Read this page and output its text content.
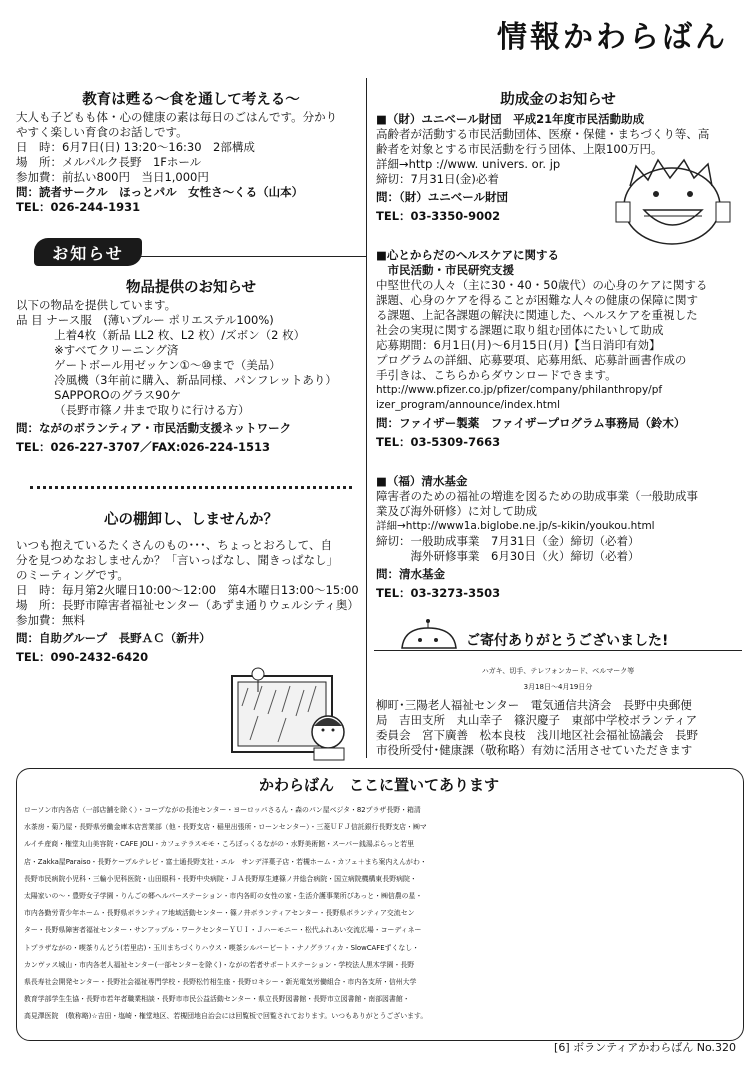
情報かわらばん
教育は甦る～食を通して考える～
大人も子どもも体・心の健康の素は毎日のごはんです。分かり
やすく楽しい育食のお話しです。
日　時：6月7日(日) 13:20～16:30　2部構成
場　所：メルパルク長野　1Fホール
参加費：前払い800円　当日1,000円
問：読者サークル　ほっとパル　女性さ～くる（山本）
TEL：026-244-1931
お知らせ
物品提供のお知らせ
以下の物品を提供しています。
品 目 ナース服　(薄いブルー ポリエステル100%)
　　　 上着4枚（新品 LL2 枚、L2 枚）/ズボン（2 枚）
　　　 ※すべてクリーニング済
　　　 ゲートボール用ゼッケン①～⑩まで（美品）
　　　 冷風機（3年前に購入、新品同様、パンフレットあり）
　　　 SAPPOROのグラス90ケ
　　　 （長野市篠ノ井まで取りに行ける方）
問：ながのボランティア・市民活動支援ネットワーク
TEL：026-227-3707／FAX:026-224-1513
心の棚卸し、しませんか？
いつも抱えているたくさんのもの･･･、ちょっとおろして、自
分を見つめなおしませんか？「言いっぱなし、聞きっぱなし」
のミーティングです。
日　時：毎月第2火曜日10:00～12:00　第4木曜日13:00～15:00
場　所：長野市障害者福祉センター（あずま通りウェルシティ奥）
参加費：無料
問：自助グループ　長野ＡＣ（新井）
TEL：090-2432-6420
助成金のお知らせ
■（財）ユニベール財団　平成21年度市民活動助成
高齢者が活動する市民活動団体、医療・保健・まちづくり等、高
齢者を対象とする市民活動を行う団体、上限100万円。
詳細→http ://www. univers. or. jp
締切：7月31日(金)必着
問：（財）ユニベール財団
TEL：03-3350-9002
■心とからだのヘルスケアに関する
　市民活動・市民研究支援
中堅世代の人々（主に30・40・50歳代）の心身のケアに関する
課題、心身のケアを得ることが困難な人々の健康の保障に関す
る課題、上記各課題の解決に関連した、ヘルスケアを重視した
社会の実現に関する課題に取り組む団体にたいして助成
応募期間：6月1日(月)～6月15日(月)【当日消印有効】
プログラムの詳細、応募要項、応募用紙、応募計画書作成の
手引きは、こちらからダウンロードできます。
http://www.pfizer.co.jp/pfizer/company/philanthropy/pf
izer_program/announce/index.html
問：ファイザー製薬　ファイザープログラム事務局（鈴木）
TEL：03-5309-7663
■（福）清水基金
障害者のための福祉の増進を図るための助成事業（一般助成事
業及び海外研修）に対して助成
詳細→http://www1a.biglobe.ne.jp/s-kikin/youkou.html
締切：一般助成事業　7月31日（金）締切（必着）
　　　海外研修事業　6月30日（火）締切（必着）
問：清水基金
TEL：03-3273-3503
ご寄付ありがとうございました!
ハガキ、切手、テレフォンカード、ベルマーク等
3月18日～4月19日分
柳町･三陽老人福祉センター　電気通信共済会　長野中央郵便
局　吉田支所　丸山幸子　篠沢慶子　東部中学校ボランティア
委員会　宮下廣善　松本良枝　浅川地区社会福祉協議会　長野
市役所受付･健康課（敬称略）有効に活用させていただきます
かわらばん　ここに置いてあります
ローソン市内各店（一部店舗を除く）・コープながの長池センター・ヨーロッパさるん・森のパン屋ベジタ・82プラザ長野・箱清
水茶房・菊乃屋・長野県労働金庫本店営業部（他・長野支店・稲里出張所・ローンセンター）・三菱ＵＦＪ信託銀行長野支店・㈱マ
ルイチ産商・権堂丸山美容院・CAFE JOLI・カフェテラスモモ・ころぼっくるながの・水野美術館・スーパー銭湯ぷらっと若里
店・Zakka屋Paraiso・長野ケーブルテレビ・富士通長野支社・エル　サンデ洋菓子店・若槻ホーム・カフェ＋まち案内えんがわ・
長野市民病院小児科・三輪小児科医院・山田眼科・長野中央病院・ＪＡ長野厚生連篠ノ井総合病院・国立病院機構東長野病院・
太陽家いの～・豊野女子学園・りんごの郷ヘルパーステーション・市内各町の女性の家・生活介護事業所ぴあっと・㈱信農の星・
市内各勤労青少年ホーム・長野県ボランティア地域活動センター・篠ノ井ボランティアセンター・長野県ボランティア交流セン
ター・長野県障害者福祉センター・サンアップル・ワークセンターＹＵＩ・Ｊハーモニー・松代ふれあい交流広場・コーディネー
トプラザながの・喫茶りんどう(若里店)・玉川まちづくりハウス・喫茶シルバービート・ナノグラフィカ・SlowCAFEずくなし・
カンヴァス城山・市内各老人福祉センター(一部センターを除く)・ながの若者サポートステーション・学校法人黒木学園・長野
県長寿社会開発センター・長野社会福祉専門学校・長野松竹相生座・長野ロキシー・新光電気労働組合・市内各支所・信州大学
教育学部学生生協・長野市若年者職業相談・長野市市民公益活動センター・県立長野図書館・長野市立図書館・南部図書館・
高見澤医院　(敬称略)☆吉田・塩崎・権堂地区、若槻団地自治会には回覧板で回覧されております。いつもありがとうございます。
[6] ボランティアかわらばん No.320
